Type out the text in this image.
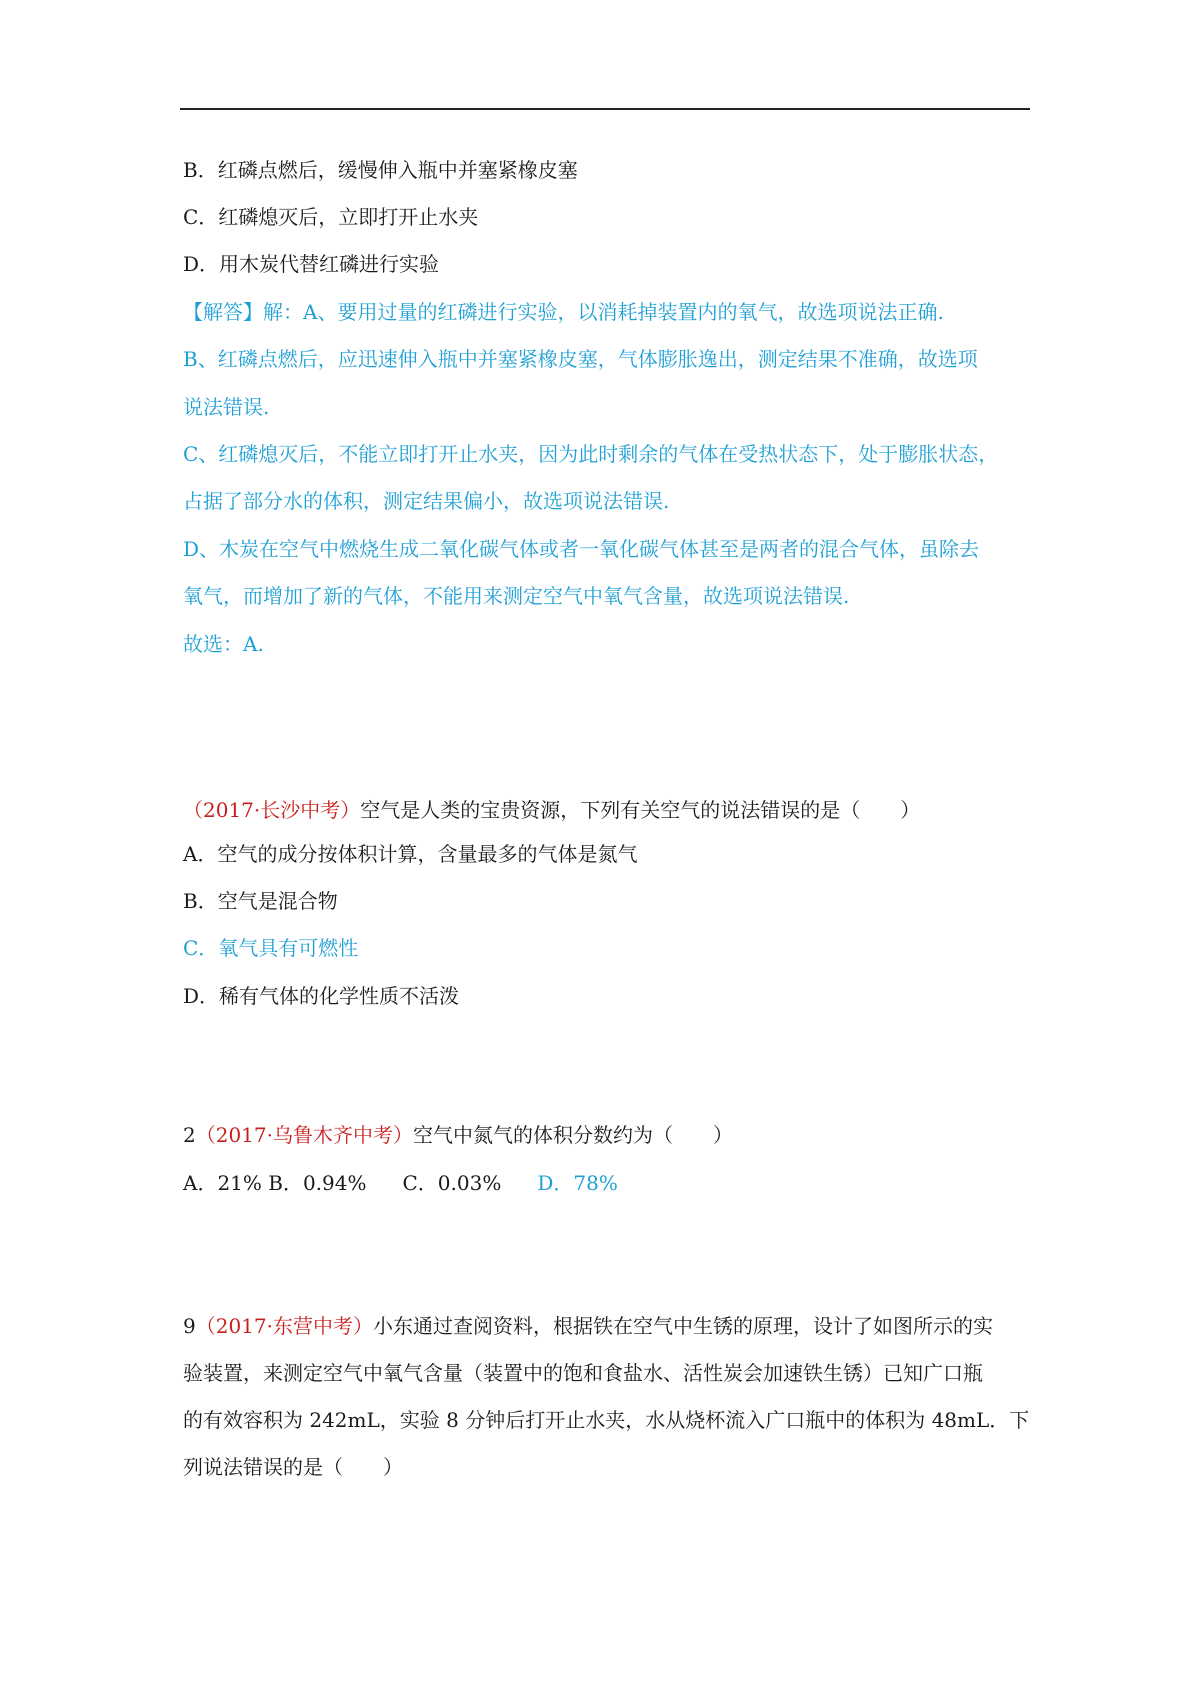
B．红磷点燃后，缓慢伸入瓶中并塞紧橡皮塞
C．红磷熄灭后，立即打开止水夹
D．用木炭代替红磷进行实验
【解答】解：A、要用过量的红磷进行实验，以消耗掉装置内的氧气，故选项说法正确.
B、红磷点燃后，应迅速伸入瓶中并塞紧橡皮塞，气体膨胀逸出，测定结果不准确，故选项
说法错误.
C、红磷熄灭后，不能立即打开止水夹，因为此时剩余的气体在受热状态下，处于膨胀状态，
占据了部分水的体积，测定结果偏小，故选项说法错误.
D、木炭在空气中燃烧生成二氧化碳气体或者一氧化碳气体甚至是两者的混合气体，虽除去
氧气，而增加了新的气体，不能用来测定空气中氧气含量，故选项说法错误.
故选：A.
（2017·长沙中考）空气是人类的宝贵资源，下列有关空气的说法错误的是（　　）
A．空气的成分按体积计算，含量最多的气体是氮气
B．空气是混合物
C．氧气具有可燃性
D．稀有气体的化学性质不活泼
2（2017·乌鲁木齐中考）空气中氮气的体积分数约为（　　）
A．21% B．0.94% C．0.03% D．78%
9（2017·东营中考）小东通过查阅资料，根据铁在空气中生锈的原理，设计了如图所示的实
验装置，来测定空气中氧气含量（装置中的饱和食盐水、活性炭会加速铁生锈）已知广口瓶
的有效容积为 242mL，实验 8 分钟后打开止水夹，水从烧杯流入广口瓶中的体积为 48mL．下
列说法错误的是（　　）
